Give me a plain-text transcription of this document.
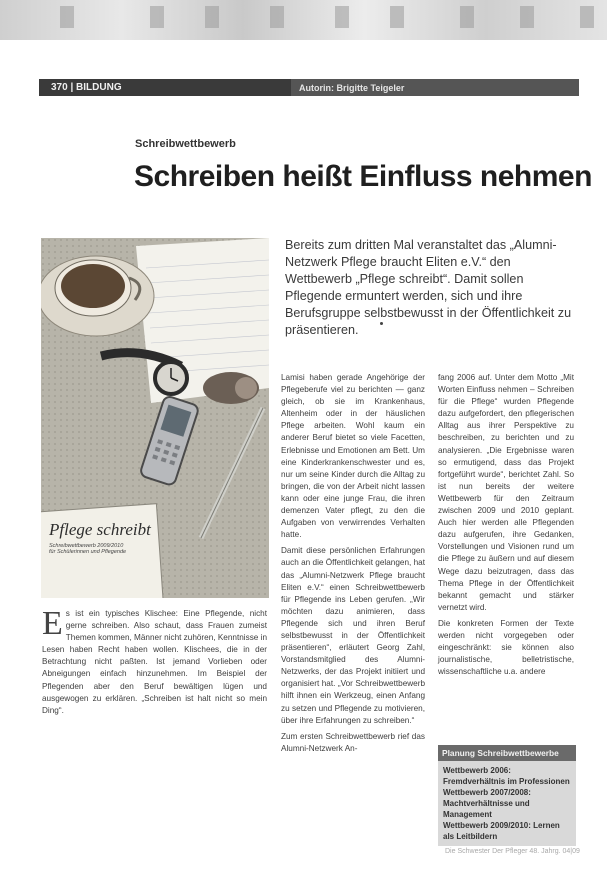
370 | BILDUNG	Autorin: Brigitte Teigeler
Schreibwettbewerb
Schreiben heißt Einfluss nehmen
Pflege schreibt
Schreibwettbewerb 2009/2010
für Schülerinnen und Pflegende

Bereits zum dritten Mal veranstaltet das „Alumni-Netzwerk Pflege braucht Eliten e.V.“ den Wettbewerb „Pflege schreibt“. Damit sollen Pflegende ermuntert werden, sich und ihre Berufsgruppe selbstbewusst in der Öffentlichkeit zu präsentieren.

E s ist ein typisches Klischee: Eine Pflegende, nicht gerne schreiben. Also schaut, dass Frauen zumeist Themen kommen, Männer nicht zuhören, Kenntnisse in Lesen haben Recht haben wollen. Klischees, die in der Betrachtung nicht paßten. Ist jemand Vorlieben oder Abneigungen einfach hinzunehmen. Im Beispiel der Pflegenden aber den Beruf bewältigen lügen und ausgewogen zu erklären. „Schreiben ist halt nicht so mein Ding“.

Lamisi haben gerade Angehörige der Pflegeberufe viel zu berichten — ganz gleich, ob sie im Krankenhaus, Altenheim oder in der häuslichen Pflege arbeiten. Wohl kaum ein anderer Beruf bietet so viele Facetten, Erlebnisse und Emotionen am Bett. Um eine Kinderkrankenschwester und es, nur um seine Kinder durch die Alltag zu bringen, die von der Arbeit nicht lassen kann oder eine junge Frau, die ihren demenzen Vater pflegt, zu den die Aufgaben von verwirrendes Verhalten hatte.

Damit diese persönlichen Erfahrungen auch an die Öffentlichkeit gelangen, hat das „Alumni-Netzwerk Pflege braucht Eliten e.V.“ einen Schreibwettbewerb für Pflegende ins Leben gerufen. „Wir möchten dazu animieren, dass Pflegende sich und ihren Beruf selbstbewusst in der Öffentlichkeit präsentieren“, erläutert Georg Zahl, Vorstandsmitglied des Alumni-Netzwerks, der das Projekt initiiert und organisiert hat. „Vor Schreibwettbewerb hilft ihnen ein Werkzeug, einen Anfang zu setzen und Pflegende zu motivieren, über ihre Erfahrungen zu schreiben.“

Zum ersten Schreibwettbewerb rief das Alumni-Netzwerk An-

fang 2006 auf. Unter dem Motto „Mit Worten Einfluss nehmen – Schreiben für die Pflege“ wurden Pflegende dazu aufgefordert, den pflegerischen Alltag aus ihrer Perspektive zu beschreiben, zu berichten und zu analysieren. „Die Ergebnisse waren so ermutigend, dass das Projekt fortgeführt wurde“, berichtet Zahl. So ist nun bereits der weitere Wettbewerb für den Zeitraum zwischen 2009 und 2010 geplant. Auch hier werden alle Pflegenden dazu aufgerufen, ihre Gedanken, Vorstellungen und Visionen rund um die Pflege zu äußern und auf diesem Wege dazu beizutragen, dass das Thema Pflege in der Öffentlichkeit bekannt gemacht und stärker vernetzt wird.

Die konkreten Formen der Texte werden nicht vorgegeben oder eingeschränkt: sie können also journalistische, belletristische, wissenschaftliche u.a. andere

Planung Schreibwettbewerbe
Wettbewerb 2006: Fremdverhältnis im Professionen
Wettbewerb 2007/2008: Machtverhältnisse und Management
Wettbewerb 2009/2010: Lernen als Leitbildern
Die Schwester Der Pfleger 48. Jahrg. 04|09
